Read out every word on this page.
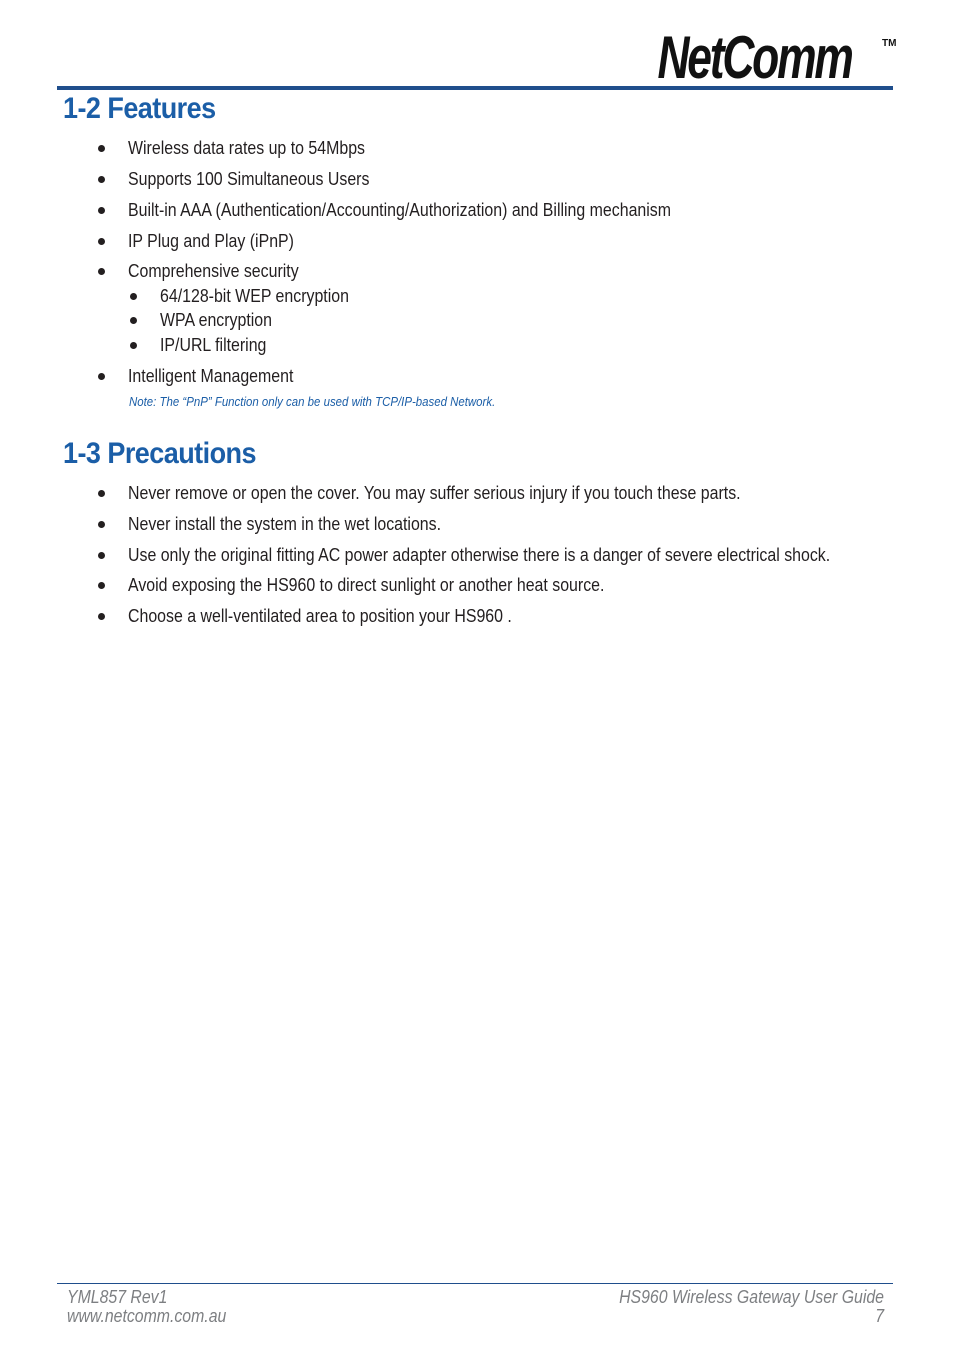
NetComm	TM
1-2 Features
Wireless data rates up to 54Mbps
Supports 100 Simultaneous Users
Built-in AAA (Authentication/Accounting/Authorization) and Billing mechanism
IP Plug and Play (iPnP)
Comprehensive security
64/128-bit WEP encryption
WPA encryption
IP/URL filtering
Intelligent Management
Note: The “PnP” Function only can be used with TCP/IP-based Network.
1-3 Precautions
Never remove or open the cover. You may suffer serious injury if you touch these parts.
Never install the system in the wet locations.
Use only the original fitting AC power adapter otherwise there is a danger of severe electrical shock.
Avoid exposing the HS960 to direct sunlight or another heat source.
Choose a well-ventilated area to position your HS960 .
YML857 Rev1
www.netcomm.com.au
HS960 Wireless Gateway User Guide
7
